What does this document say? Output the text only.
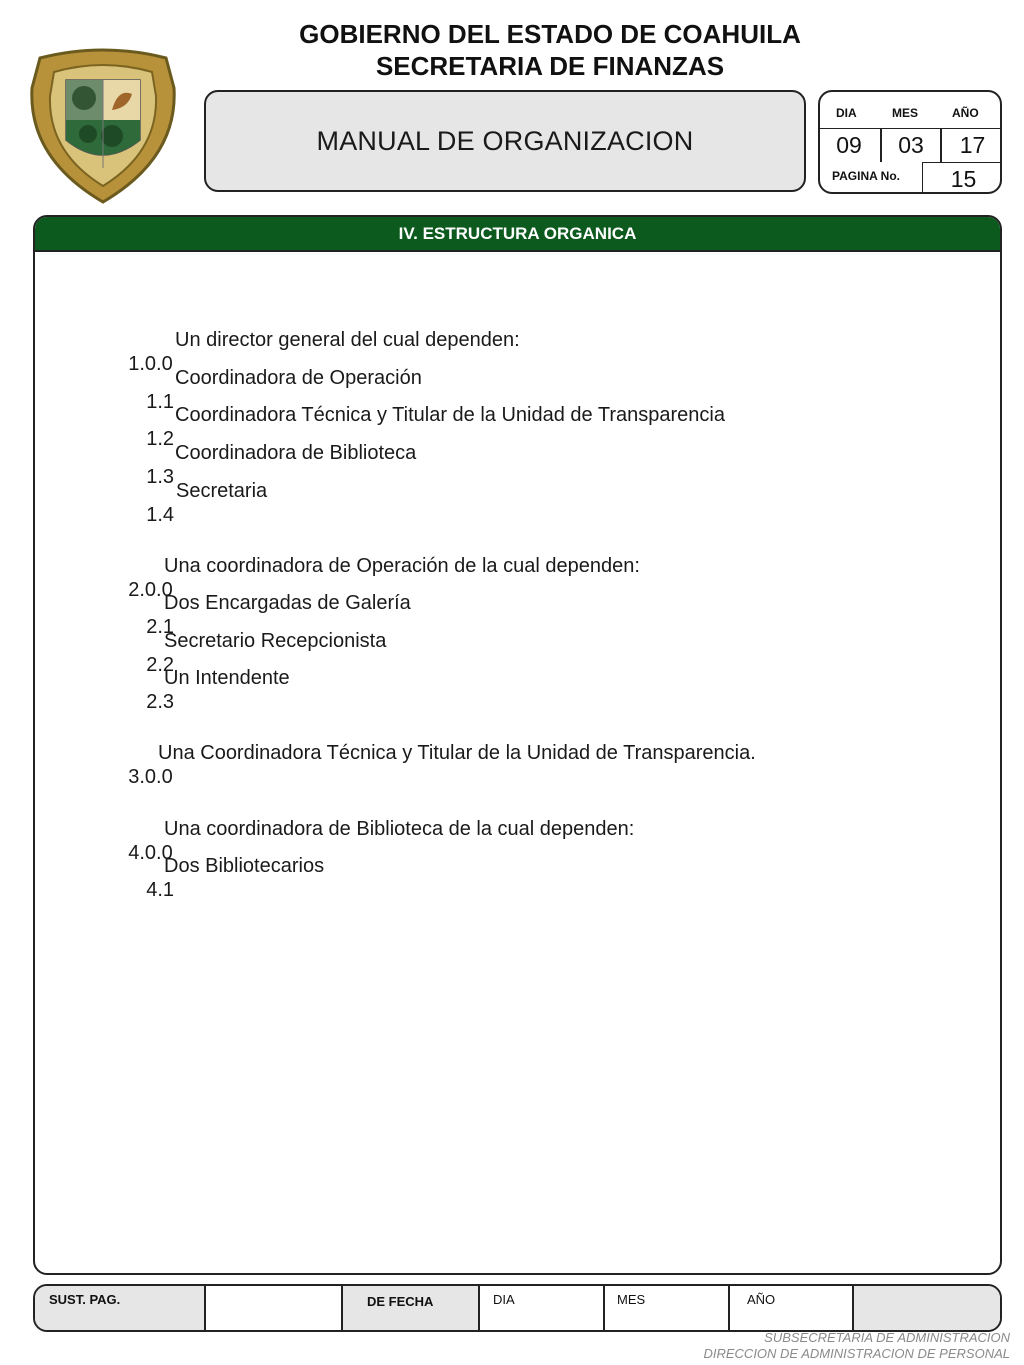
GOBIERNO DEL ESTADO DE COAHUILA
SECRETARIA DE FINANZAS
MANUAL DE ORGANIZACION
DIA	MES	AÑO
09	03	17
PAGINA No.	15
IV. ESTRUCTURA ORGANICA

1.0.0
Un director general del cual dependen:

1.1
Coordinadora de Operación

1.2
Coordinadora Técnica y Titular de la Unidad de Transparencia

1.3
Coordinadora de Biblioteca

1.4
Secretaria

2.0.0
Una coordinadora de Operación de la cual dependen:

2.1
Dos Encargadas de Galería

2.2
Secretario Recepcionista

2.3
Un Intendente

3.0.0
Una Coordinadora Técnica y Titular de la Unidad de Transparencia.

4.0.0
Una coordinadora de Biblioteca de la cual dependen:

4.1
Dos Bibliotecarios

SUST. PAG.	DE FECHA	DIA	MES	AÑO
SUBSECRETARIA DE ADMINISTRACION
DIRECCION DE ADMINISTRACION DE PERSONAL
